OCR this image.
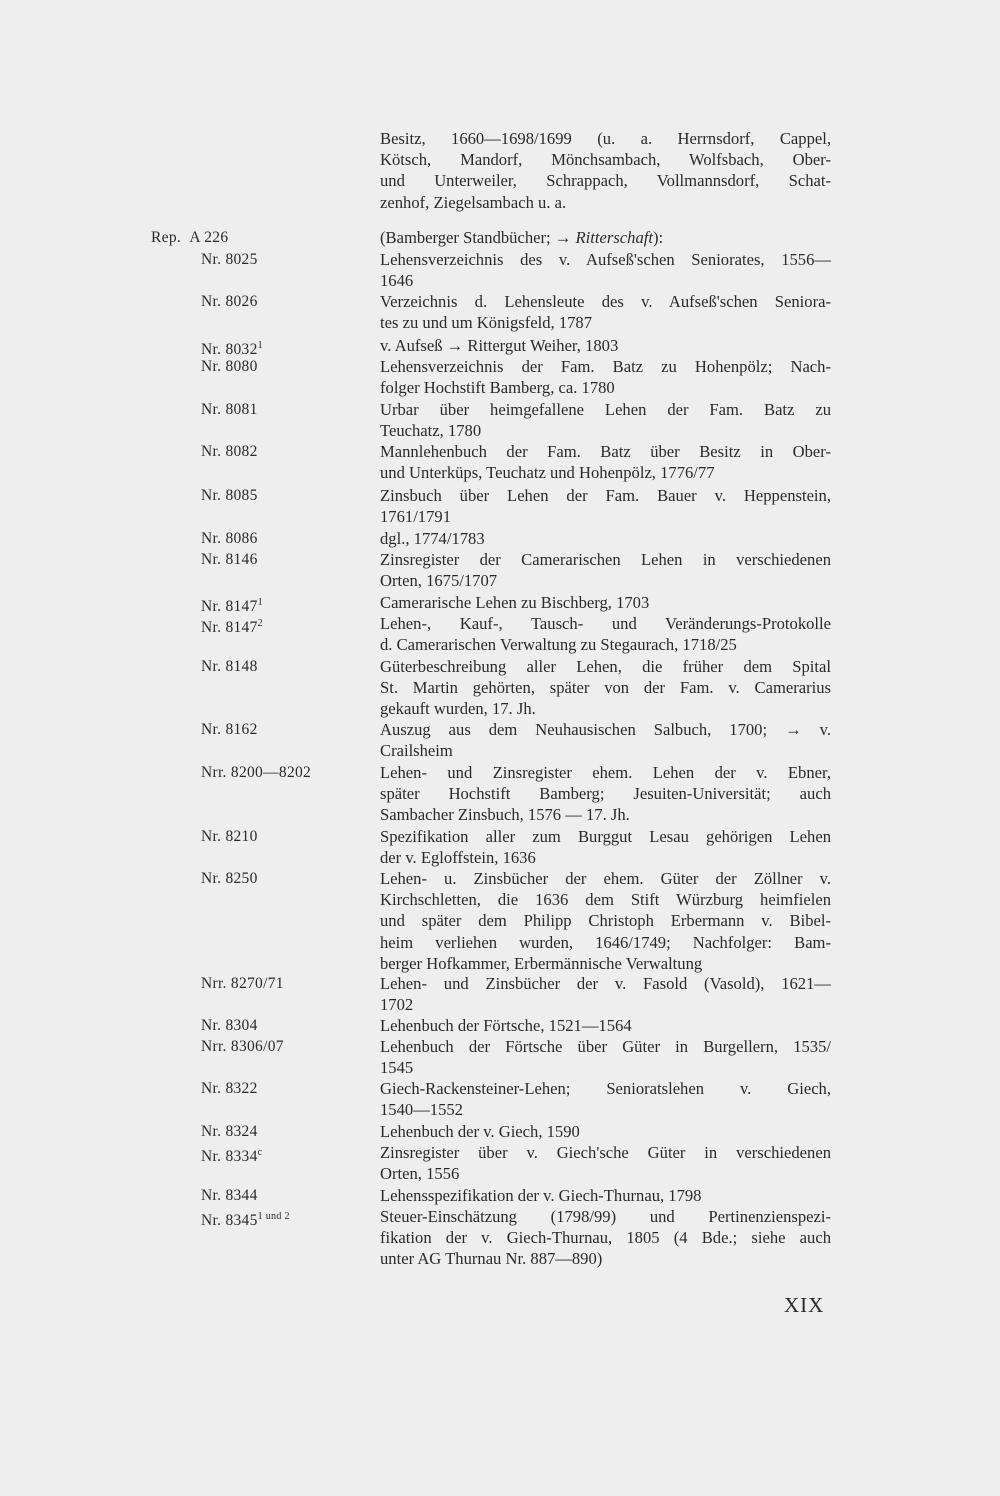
Besitz, 1660—1698/1699 (u. a. Herrnsdorf, Cappel,
Kötsch, Mandorf, Mönchsambach, Wolfsbach, Ober-
und Unterweiler, Schrappach, Vollmannsdorf, Schat-
zenhof, Ziegelsambach u. a.
Rep. A 226	(Bamberger Standbücher; → Ritterschaft):
Nr. 8025	Lehensverzeichnis des v. Aufseß'schen Seniorates, 1556—
1646
Nr. 8026	Verzeichnis d. Lehensleute des v. Aufseß'schen Seniora-
tes zu und um Königsfeld, 1787
Nr. 8032$^1$	v. Aufseß → Rittergut Weiher, 1803
Nr. 8080	Lehensverzeichnis der Fam. Batz zu Hohenpölz; Nach-
folger Hochstift Bamberg, ca. 1780
Nr. 8081	Urbar über heimgefallene Lehen der Fam. Batz zu
Teuchatz, 1780
Nr. 8082	Mannlehenbuch der Fam. Batz über Besitz in Ober-
und Unterküps, Teuchatz und Hohenpölz, 1776/77
Nr. 8085	Zinsbuch über Lehen der Fam. Bauer v. Heppenstein,
1761/1791
Nr. 8086	dgl., 1774/1783
Nr. 8146	Zinsregister der Camerarischen Lehen in verschiedenen
Orten, 1675/1707
Nr. 8147$^1$	Camerarische Lehen zu Bischberg, 1703
Nr. 8147$^2$	Lehen-, Kauf-, Tausch- und Veränderungs-Protokolle
d. Camerarischen Verwaltung zu Stegaurach, 1718/25
Nr. 8148	Güterbeschreibung aller Lehen, die früher dem Spital
St. Martin gehörten, später von der Fam. v. Camerarius
gekauft wurden, 17. Jh.
Nr. 8162	Auszug aus dem Neuhausischen Salbuch, 1700; → v.
Crailsheim
Nrr. 8200—8202	Lehen- und Zinsregister ehem. Lehen der v. Ebner,
später Hochstift Bamberg; Jesuiten-Universität; auch
Sambacher Zinsbuch, 1576 — 17. Jh.
Nr. 8210	Spezifikation aller zum Burggut Lesau gehörigen Lehen
der v. Egloffstein, 1636
Nr. 8250	Lehen- u. Zinsbücher der ehem. Güter der Zöllner v.
Kirchschletten, die 1636 dem Stift Würzburg heimfielen
und später dem Philipp Christoph Erbermann v. Bibel-
heim verliehen wurden, 1646/1749; Nachfolger: Bam-
berger Hofkammer, Erbermännische Verwaltung
Nrr. 8270/71	Lehen- und Zinsbücher der v. Fasold (Vasold), 1621—
1702
Nr. 8304	Lehenbuch der Förtsche, 1521—1564
Nrr. 8306/07	Lehenbuch der Förtsche über Güter in Burgellern, 1535/
1545
Nr. 8322	Giech-Rackensteiner-Lehen; Senioratslehen v. Giech,
1540—1552
Nr. 8324	Lehenbuch der v. Giech, 1590
Nr. 8334$^c$	Zinsregister über v. Giech'sche Güter in verschiedenen
Orten, 1556
Nr. 8344	Lehensspezifikation der v. Giech-Thurnau, 1798
Nr. $8345^{1 und 2}$	Steuer-Einschätzung (1798/99) und Pertinenzienspezi-
fikation der v. Giech-Thurnau, 1805 (4 Bde.; siehe auch
unter AG Thurnau Nr. 887—890)
XIX
